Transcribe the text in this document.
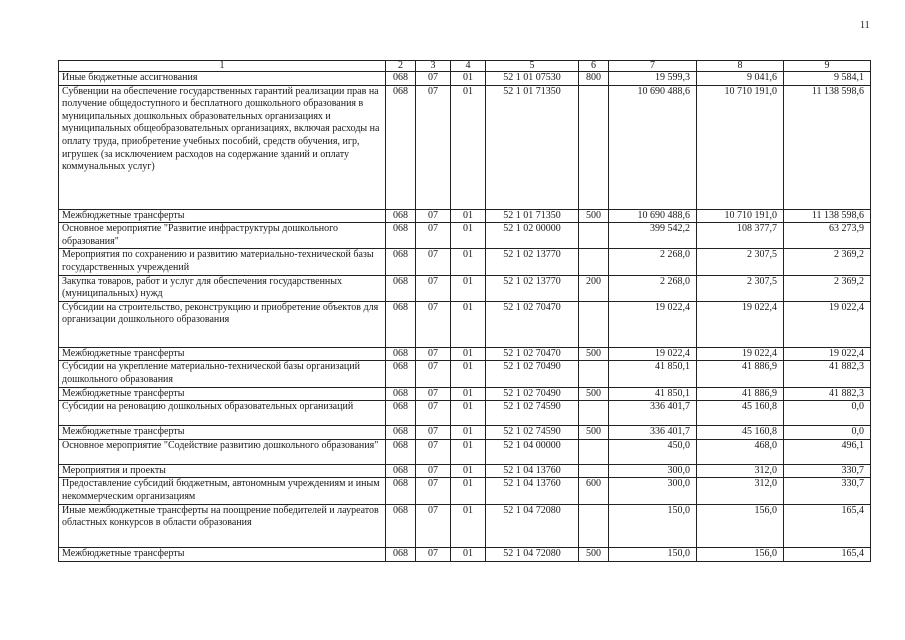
11
1	2	3	4	5	6	7	8	9
Иные бюджетные ассигнования	068	07	01	52 1 01 07530	800	19 599,3	9 041,6	9 584,1
Субвенции на обеспечение государственных гарантий реализации прав на получение общедоступного и бесплатного дошкольного образования в муниципальных дошкольных образовательных организациях и муниципальных общеобразовательных организациях, включая расходы на оплату труда, приобретение учебных пособий, средств обучения, игр, игрушек (за исключением расходов на содержание зданий и оплату коммунальных услуг)	068	07	01	52 1 01 71350		10 690 488,6	10 710 191,0	11 138 598,6
Межбюджетные трансферты	068	07	01	52 1 01 71350	500	10 690 488,6	10 710 191,0	11 138 598,6
Основное мероприятие "Развитие инфраструктуры дошкольного образования"	068	07	01	52 1 02 00000		399 542,2	108 377,7	63 273,9
Мероприятия по сохранению и развитию материально-технической базы государственных учреждений	068	07	01	52 1 02 13770		2 268,0	2 307,5	2 369,2
Закупка товаров, работ и услуг для обеспечения государственных (муниципальных) нужд	068	07	01	52 1 02 13770	200	2 268,0	2 307,5	2 369,2
Субсидии на строительство, реконструкцию и приобретение объектов для организации дошкольного образования	068	07	01	52 1 02 70470		19 022,4	19 022,4	19 022,4
Межбюджетные трансферты	068	07	01	52 1 02 70470	500	19 022,4	19 022,4	19 022,4
Субсидии на укрепление материально-технической базы организаций дошкольного образования	068	07	01	52 1 02 70490		41 850,1	41 886,9	41 882,3
Межбюджетные трансферты	068	07	01	52 1 02 70490	500	41 850,1	41 886,9	41 882,3
Субсидии на реновацию дошкольных образовательных организаций	068	07	01	52 1 02 74590		336 401,7	45 160,8	0,0
Межбюджетные трансферты	068	07	01	52 1 02 74590	500	336 401,7	45 160,8	0,0
Основное мероприятие "Содействие развитию дошкольного образования"	068	07	01	52 1 04 00000		450,0	468,0	496,1
Мероприятия и проекты	068	07	01	52 1 04 13760		300,0	312,0	330,7
Предоставление субсидий бюджетным, автономным учреждениям и иным некоммерческим организациям	068	07	01	52 1 04 13760	600	300,0	312,0	330,7
Иные межбюджетные трансферты на поощрение победителей и лауреатов областных конкурсов в области образования	068	07	01	52 1 04 72080		150,0	156,0	165,4
Межбюджетные трансферты	068	07	01	52 1 04 72080	500	150,0	156,0	165,4
